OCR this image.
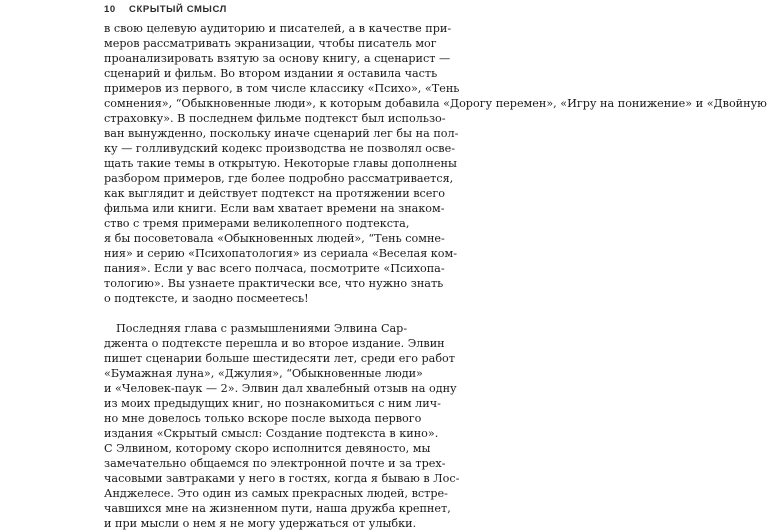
10 СКРЫТЫЙ СМЫСЛ
в свою целевую аудиторию и писателей, а в качестве при-
меров рассматривать экранизации, чтобы писатель мог
проанализировать взятую за основу книгу, а сценарист —
сценарий и фильм. Во втором издании я оставила часть
примеров из первого, в том числе классику «Психо», «Тень
сомнения», “Обыкновенные люди», к которым добавила «Дорогу перемен», «Игру на понижение» и «Двойную
страховку». В последнем фильме подтекст был использо-
ван вынужденно, поскольку иначе сценарий лег бы на пол-
ку — голливудский кодекс производства не позволял осве-
щать такие темы в открытую. Некоторые главы дополнены
разбором примеров, где более подробно рассматривается,
как выглядит и действует подтекст на протяжении всего
фильма или книги. Если вам хватает времени на знаком-
ство с тремя примерами великолепного подтекста,
я бы посоветовала «Обыкновенных людей», “Тень сомне-
ния» и серию «Психопатология» из сериала «Веселая ком-
пания». Если у вас всего полчаса, посмотрите «Психопа-
тологию». Вы узнаете практически все, что нужно знать
о подтексте, и заодно посмеетесь!
Последняя глава с размышлениями Элвина Сар-
джента о подтексте перешла и во второе издание. Элвин
пишет сценарии больше шестидесяти лет, среди его работ
«Бумажная луна», «Джулия», “Обыкновенные люди»
и «Человек-паук — 2». Элвин дал хвалебный отзыв на одну
из моих предыдущих книг, но познакомиться с ним лич-
но мне довелось только вскоре после выхода первого
издания «Скрытый смысл: Создание подтекста в кино».
С Элвином, которому скоро исполнится девяносто, мы
замечательно общаемся по электронной почте и за трех-
часовыми завтраками у него в гостях, когда я бываю в Лос-
Анджелесе. Это один из самых прекрасных людей, встре-
чавшихся мне на жизненном пути, наша дружба крепнет,
и при мысли о нем я не могу удержаться от улыбки.
